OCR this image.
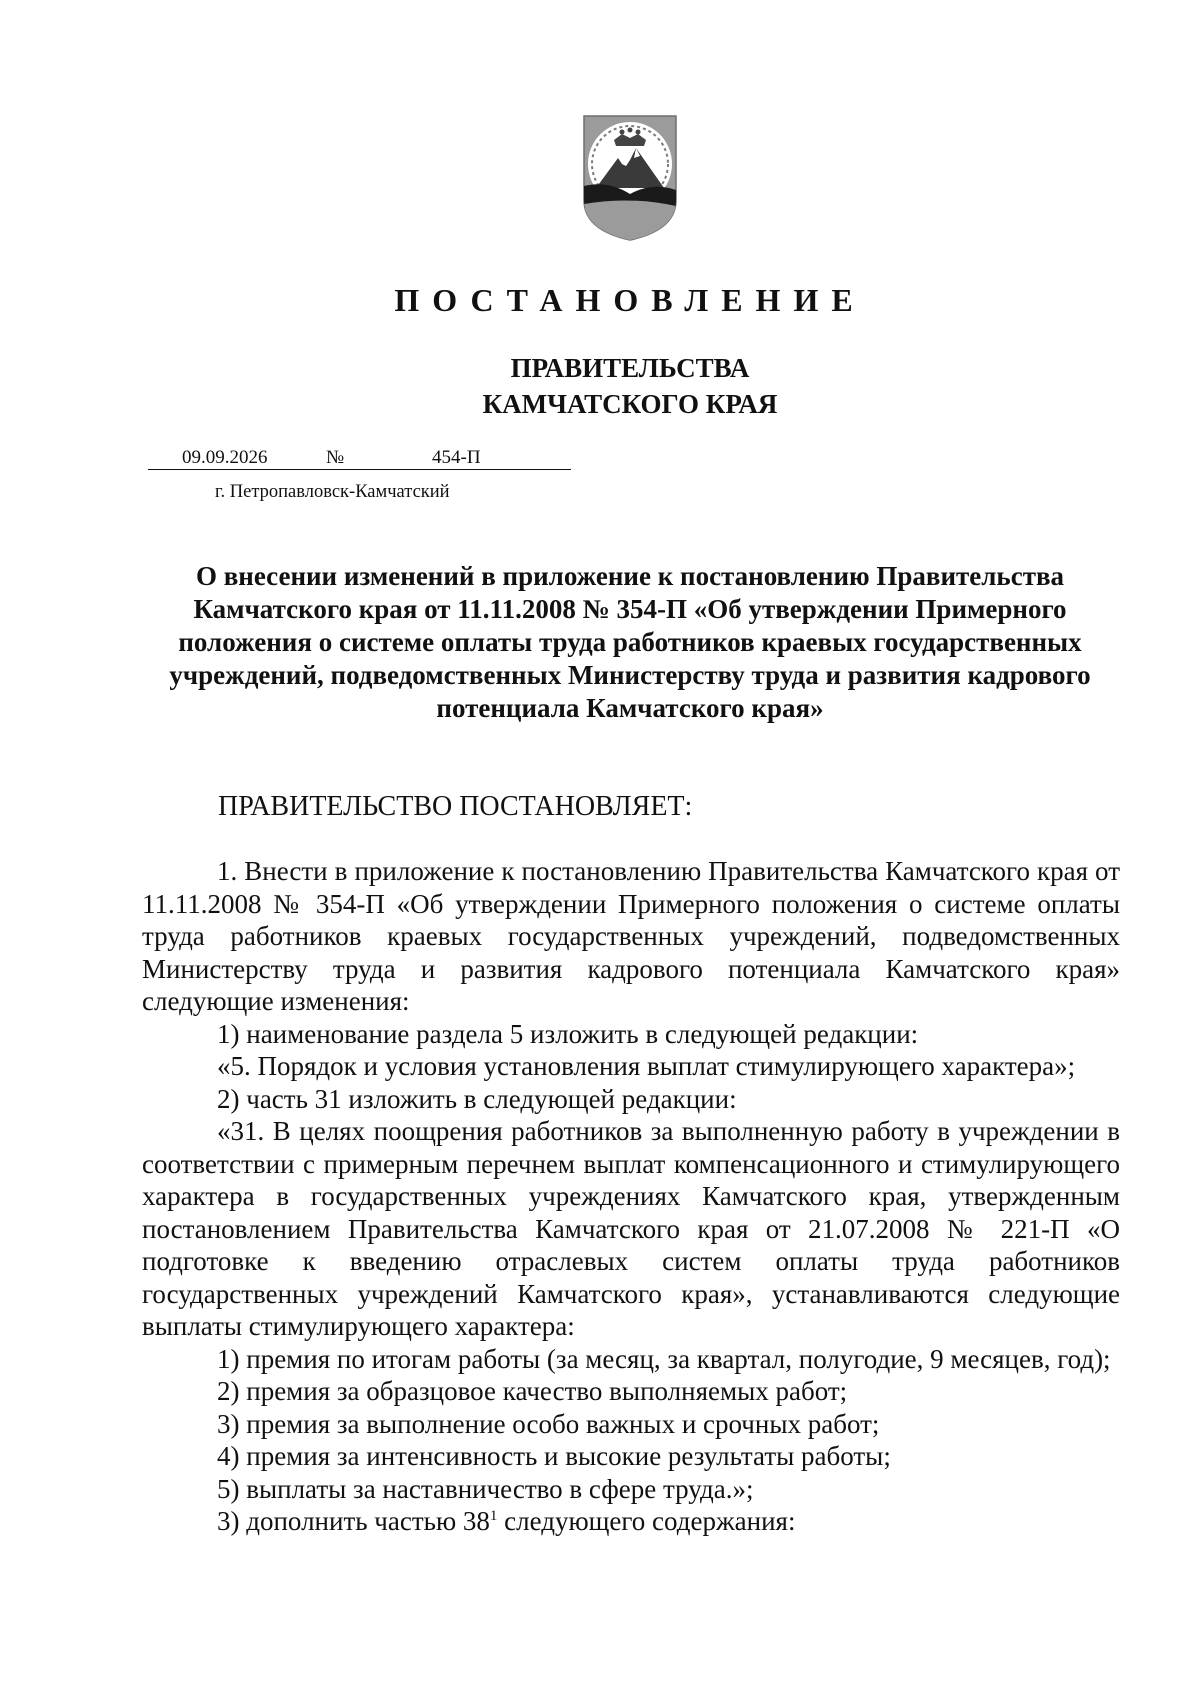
ПОСТАНОВЛЕНИЕ
ПРАВИТЕЛЬСТВА
КАМЧАТСКОГО КРАЯ
09.09.2026	№	454-П
г. Петропавловск-Камчатский
О внесении изменений в приложение к постановлению Правительства Камчатского края от 11.11.2008 № 354-П «Об утверждении Примерного положения о системе оплаты труда работников краевых государственных учреждений, подведомственных Министерству труда и развития кадрового потенциала Камчатского края»
ПРАВИТЕЛЬСТВО ПОСТАНОВЛЯЕТ:

1. Внести в приложение к постановлению Правительства Камчатского края от 11.11.2008 № 354-П «Об утверждении Примерного положения о системе оплаты труда работников краевых государственных учреждений, подведомственных Министерству труда и развития кадрового потенциала Камчатского края» следующие изменения:

1) наименование раздела 5 изложить в следующей редакции:

«5. Порядок и условия установления выплат стимулирующего характера»;

2) часть 31 изложить в следующей редакции:

«31. В целях поощрения работников за выполненную работу в учреждении в соответствии с примерным перечнем выплат компенсационного и стимулирующего характера в государственных учреждениях Камчатского края, утвержденным постановлением Правительства Камчатского края от 21.07.2008 № 221-П «О подготовке к введению отраслевых систем оплаты труда работников государственных учреждений Камчатского края», устанавливаются следующие выплаты стимулирующего характера:

1) премия по итогам работы (за месяц, за квартал, полугодие, 9 месяцев, год);

2) премия за образцовое качество выполняемых работ;

3) премия за выполнение особо важных и срочных работ;

4) премия за интенсивность и высокие результаты работы;

5) выплаты за наставничество в сфере труда.»;

3) дополнить частью $38^1$ следующего содержания:
